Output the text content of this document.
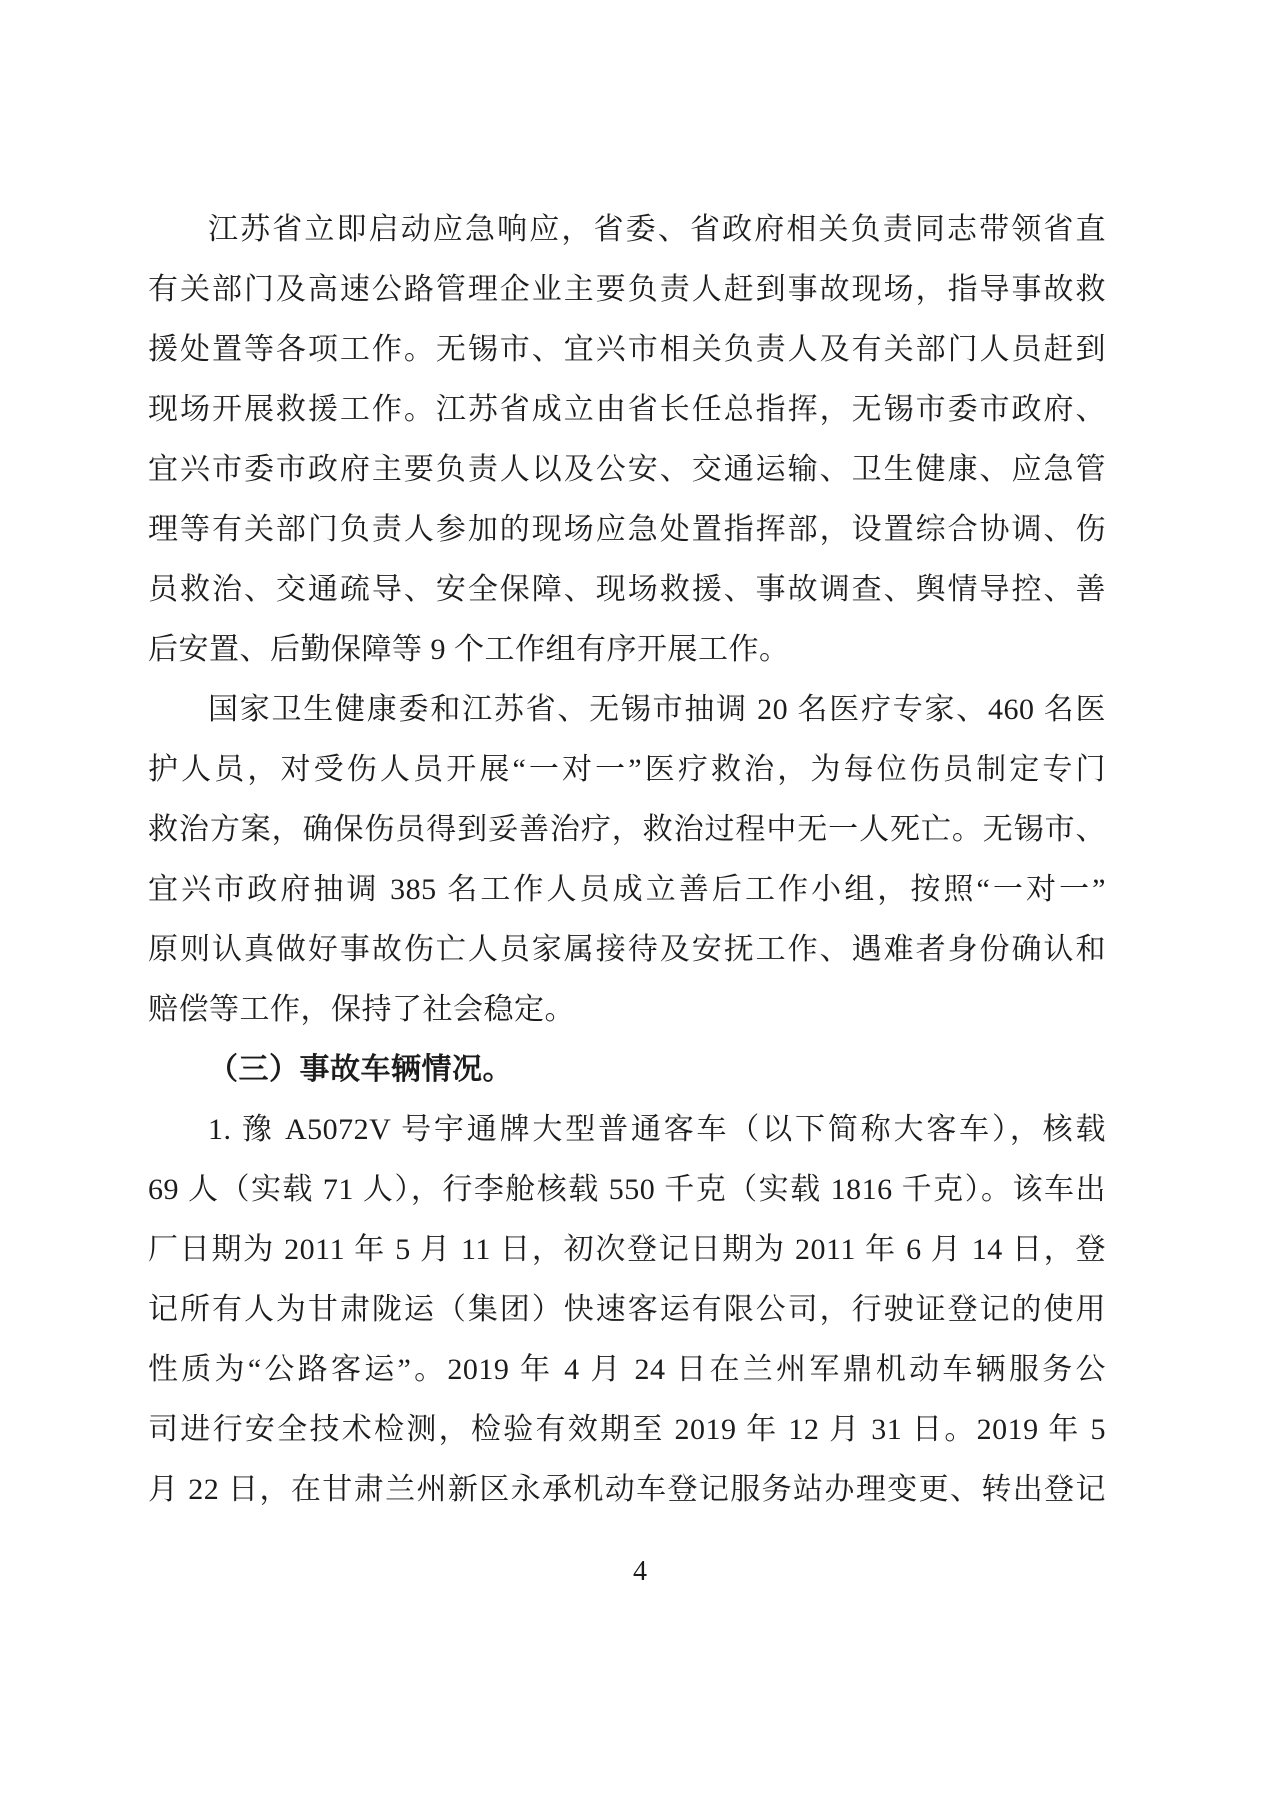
江苏省立即启动应急响应，省委、省政府相关负责同志带领省直
有关部门及高速公路管理企业主要负责人赶到事故现场，指导事故救
援处置等各项工作。无锡市、宜兴市相关负责人及有关部门人员赶到
现场开展救援工作。江苏省成立由省长任总指挥，无锡市委市政府、
宜兴市委市政府主要负责人以及公安、交通运输、卫生健康、应急管
理等有关部门负责人参加的现场应急处置指挥部，设置综合协调、伤
员救治、交通疏导、安全保障、现场救援、事故调查、舆情导控、善
后安置、后勤保障等 9 个工作组有序开展工作。
国家卫生健康委和江苏省、无锡市抽调 20 名医疗专家、460 名医
护人员，对受伤人员开展“一对一”医疗救治，为每位伤员制定专门
救治方案，确保伤员得到妥善治疗，救治过程中无一人死亡。无锡市、
宜兴市政府抽调 385 名工作人员成立善后工作小组，按照“一对一”
原则认真做好事故伤亡人员家属接待及安抚工作、遇难者身份确认和
赔偿等工作，保持了社会稳定。
（三）事故车辆情况。
1. 豫 A5072V 号宇通牌大型普通客车（以下简称大客车），核载
69 人（实载 71 人），行李舱核载 550 千克（实载 1816 千克）。该车出
厂日期为 2011 年 5 月 11 日，初次登记日期为 2011 年 6 月 14 日，登
记所有人为甘肃陇运（集团）快速客运有限公司，行驶证登记的使用
性质为“公路客运”。2019 年 4 月 24 日在兰州军鼎机动车辆服务公
司进行安全技术检测，检验有效期至 2019 年 12 月 31 日。2019 年 5
月 22 日，在甘肃兰州新区永承机动车登记服务站办理变更、转出登记
4
